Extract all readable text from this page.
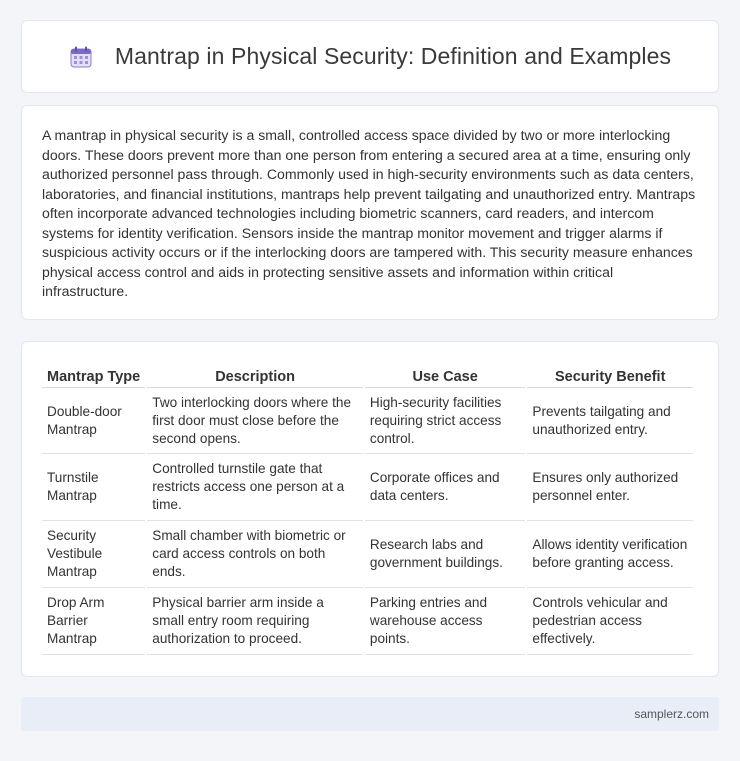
Mantrap in Physical Security: Definition and Examples

A mantrap in physical security is a small, controlled access space divided by two or more interlocking doors. These doors prevent more than one person from entering a secured area at a time, ensuring only authorized personnel pass through. Commonly used in high-security environments such as data centers, laboratories, and financial institutions, mantraps help prevent tailgating and unauthorized entry. Mantraps often incorporate advanced technologies including biometric scanners, card readers, and intercom systems for identity verification. Sensors inside the mantrap monitor movement and trigger alarms if suspicious activity occurs or if the interlocking doors are tampered with. This security measure enhances physical access control and aids in protecting sensitive assets and information within critical infrastructure.

Mantrap Type	Description	Use Case	Security Benefit
Double-door Mantrap	Two interlocking doors where the first door must close before the second opens.	High-security facilities requiring strict access control.	Prevents tailgating and unauthorized entry.
Turnstile Mantrap	Controlled turnstile gate that restricts access one person at a time.	Corporate offices and data centers.	Ensures only authorized personnel enter.
Security Vestibule Mantrap	Small chamber with biometric or card access controls on both ends.	Research labs and government buildings.	Allows identity verification before granting access.
Drop Arm Barrier Mantrap	Physical barrier arm inside a small entry room requiring authorization to proceed.	Parking entries and warehouse access points.	Controls vehicular and pedestrian access effectively.
samplerz.com
